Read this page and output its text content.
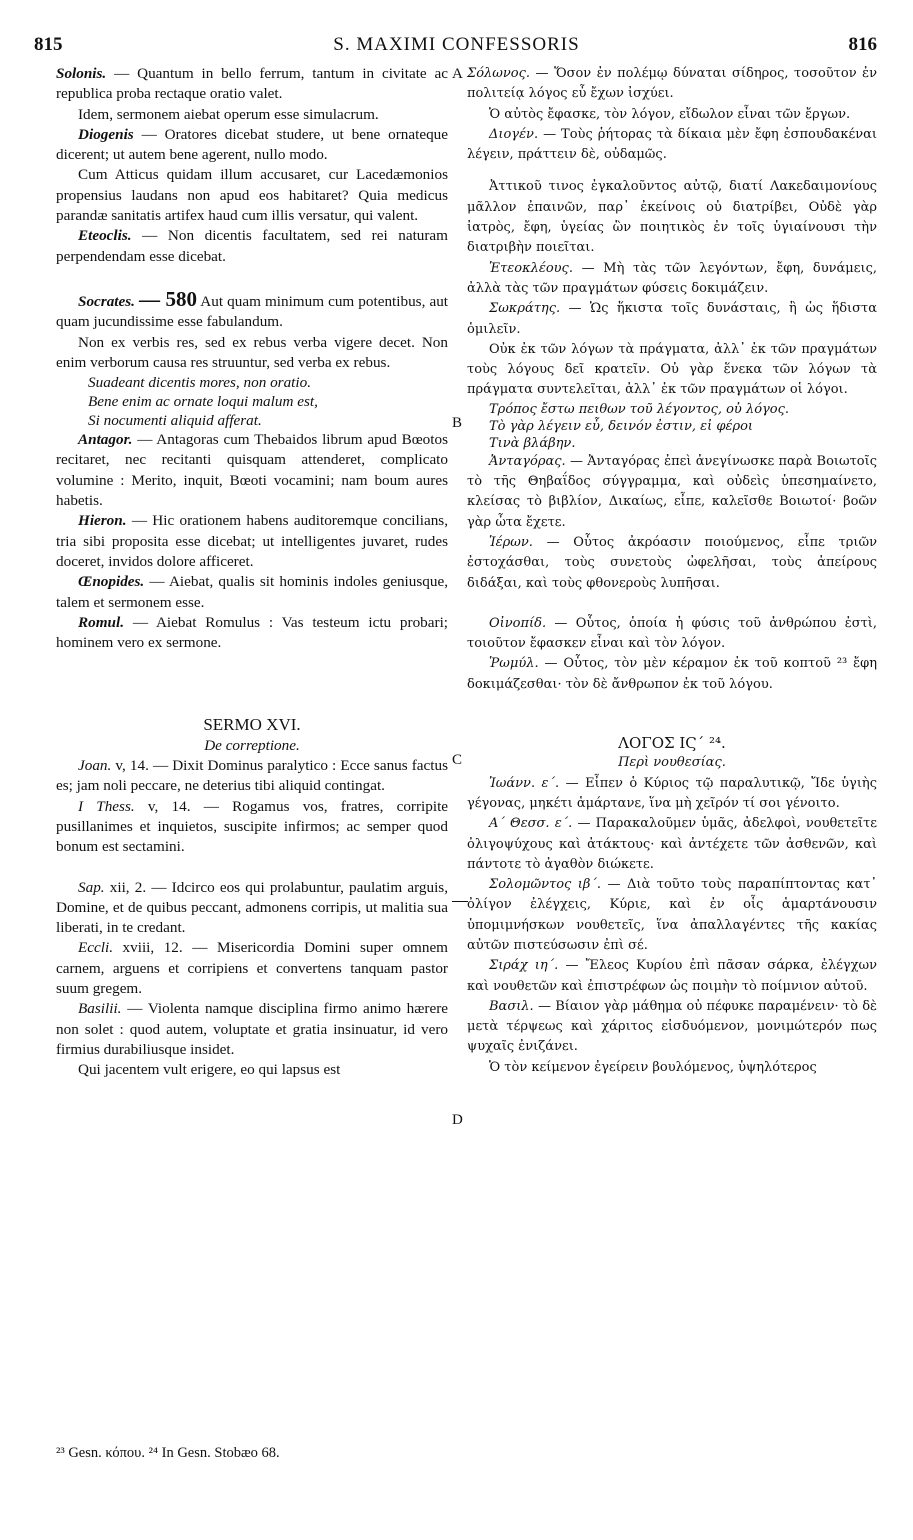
815	S. MAXIMI CONFESSORIS	816

Solonis. — Quantum in bello ferrum, tantum in civitate ac republica proba rectaque oratio valet.

Idem, sermonem aiebat operum esse simulacrum.

Diogenis — Oratores dicebat studere, ut bene ornateque dicerent; ut autem bene agerent, nullo modo.

Cum Atticus quidam illum accusaret, cur Lacedæmonios propensius laudans non apud eos habitaret? Quia medicus parandæ sanitatis artifex haud cum illis versatur, qui valent.

Eteoclis. — Non dicentis facultatem, sed rei naturam perpendendam esse dicebat.

Socrates. — 580 Aut quam minimum cum potentibus, aut quam jucundissime esse fabulandum.

Non ex verbis res, sed ex rebus verba vigere decet. Non enim verborum causa res struuntur, sed verba ex rebus.

Suadeant dicentis mores, non oratio.
Bene enim ac ornate loqui malum est,
Si nocumenti aliquid afferat.

Antagor. — Antagoras cum Thebaidos librum apud Bœotos recitaret, nec recitanti quisquam attenderet, complicato volumine : Merito, inquit, Bœoti vocamini; nam boum aures habetis.

Hieron. — Hic orationem habens auditoremque concilians, tria sibi proposita esse dicebat; ut intelligentes juvaret, rudes doceret, invidos dolore afficeret.

Œnopides. — Aiebat, qualis sit hominis indoles geniusque, talem et sermonem esse.

Romul. — Aiebat Romulus : Vas testeum ictu probari; hominem vero ex sermone.

SERMO XVI.
De correptione.

Joan. v, 14. — Dixit Dominus paralytico : Ecce sanus factus es; jam noli peccare, ne deterius tibi aliquid contingat.

I Thess. v, 14. — Rogamus vos, fratres, corripite pusillanimes et inquietos, suscipite infirmos; ac semper quod bonum est sectamini.

Sap. xii, 2. — Idcirco eos qui prolabuntur, paulatim arguis, Domine, et de quibus peccant, admonens corripis, ut malitia sua liberati, in te credant.

Eccli. xviii, 12. — Misericordia Domini super omnem carnem, arguens et corripiens et convertens tanquam pastor suum gregem.

Basilii. — Violenta namque disciplina firmo animo hærere non solet : quod autem, voluptate et gratia insinuatur, id vero firmius durabiliusque insidet.

Qui jacentem vult erigere, eo qui lapsus est

A
B
C
D

Σόλωνος. — Ὅσον ἐν πολέμῳ δύναται σίδηρος, τοσοῦτον ἐν πολιτείᾳ λόγος εὖ ἔχων ἰσχύει.

Ὁ αὐτὸς ἔφασκε, τὸν λόγον, εἴδωλον εἶναι τῶν ἔργων.

Διογέν. — Τοὺς ῥήτορας τὰ δίκαια μὲν ἔφη ἐσπουδακέναι λέγειν, πράττειν δὲ, οὐδαμῶς.

Ἀττικοῦ τινος ἐγκαλοῦντος αὐτῷ, διατί Λακεδαιμονίους μᾶλλον ἐπαινῶν, παρ᾽ ἐκείνοις οὐ διατρίβει, Οὐδὲ γὰρ ἰατρὸς, ἔφη, ὑγείας ὢν ποιητικὸς ἐν τοῖς ὑγιαίνουσι τὴν διατριβὴν ποιεῖται.

Ἐτεοκλέους. — Μὴ τὰς τῶν λεγόντων, ἔφη, δυνάμεις, ἀλλὰ τὰς τῶν πραγμάτων φύσεις δοκιμάζειν.

Σωκράτης. — Ὡς ἥκιστα τοῖς δυνάσταις, ἢ ὡς ἥδιστα ὁμιλεῖν.

Οὐκ ἐκ τῶν λόγων τὰ πράγματα, ἀλλ᾽ ἐκ τῶν πραγμάτων τοὺς λόγους δεῖ κρατεῖν. Οὐ γὰρ ἕνεκα τῶν λόγων τὰ πράγματα συντελεῖται, ἀλλ᾽ ἐκ τῶν πραγμάτων οἱ λόγοι.

Τρόπος ἔστω πειθων τοῦ λέγοντος, οὐ λόγος.
Τὸ γὰρ λέγειν εὖ, δεινόν ἐστιν, εἰ φέροι
Τινὰ βλάβην.

Ἀνταγόρας. — Ἀνταγόρας ἐπεὶ ἀνεγίνωσκε παρὰ Βοιωτοῖς τὸ τῆς Θηβαΐδος σύγγραμμα, καὶ οὐδεὶς ὑπεσημαίνετο, κλείσας τὸ βιβλίον, Δικαίως, εἶπε, καλεῖσθε Βοιωτοί· βοῶν γὰρ ὦτα ἔχετε.

Ἱέρων. — Οὗτος ἀκρόασιν ποιούμενος, εἶπε τριῶν ἐστοχάσθαι, τοὺς συνετοὺς ὠφελῆσαι, τοὺς ἀπείρους διδάξαι, καὶ τοὺς φθονεροὺς λυπῆσαι.

Οἰνοπίδ. — Οὗτος, ὁποία ἡ φύσις τοῦ ἀνθρώπου ἐστὶ, τοιοῦτον ἔφασκεν εἶναι καὶ τὸν λόγον.

Ῥωμύλ. — Οὗτος, τὸν μὲν κέραμον ἐκ τοῦ κοπτοῦ ²³ ἔφη δοκιμάζεσθαι· τὸν δὲ ἄνθρωπον ἐκ τοῦ λόγου.

ΛΟΓΟΣ ΙϚ´ ²⁴.
Περὶ νουθεσίας.

Ἰωάνν. ε´. — Εἶπεν ὁ Κύριος τῷ παραλυτικῷ, Ἴδε ὑγιὴς γέγονας, μηκέτι ἁμάρτανε, ἵνα μὴ χεῖρόν τί σοι γένοιτο.

Α´ Θεσσ. ε´. — Παρακαλοῦμεν ὑμᾶς, ἀδελφοὶ, νουθετεῖτε ὀλιγοψύχους καὶ ἀτάκτους· καὶ ἀντέχετε τῶν ἀσθενῶν, καὶ πάντοτε τὸ ἀγαθὸν διώκετε.

Σολομῶντος ιβ´. — Διὰ τοῦτο τοὺς παραπίπτοντας κατ᾽ ὀλίγον ἐλέγχεις, Κύριε, καὶ ἐν οἷς ἁμαρτάνουσιν ὑπομιμνήσκων νουθετεῖς, ἵνα ἀπαλλαγέντες τῆς κακίας αὐτῶν πιστεύσωσιν ἐπὶ σέ.

Σιράχ ιη´. — Ἔλεος Κυρίου ἐπὶ πᾶσαν σάρκα, ἐλέγχων καὶ νουθετῶν καὶ ἐπιστρέφων ὡς ποιμὴν τὸ ποίμνιον αὐτοῦ.

Βασιλ. — Βίαιον γὰρ μάθημα οὐ πέφυκε παραμένειν· τὸ δὲ μετὰ τέρψεως καὶ χάριτος εἰσδυόμενον, μονιμώτερόν πως ψυχαῖς ἐνιζάνει.

Ὁ τὸν κείμενον ἐγείρειν βουλόμενος, ὑψηλότερος

²³ Gesn. κόπου. ²⁴ In Gesn. Stobæo 68.
